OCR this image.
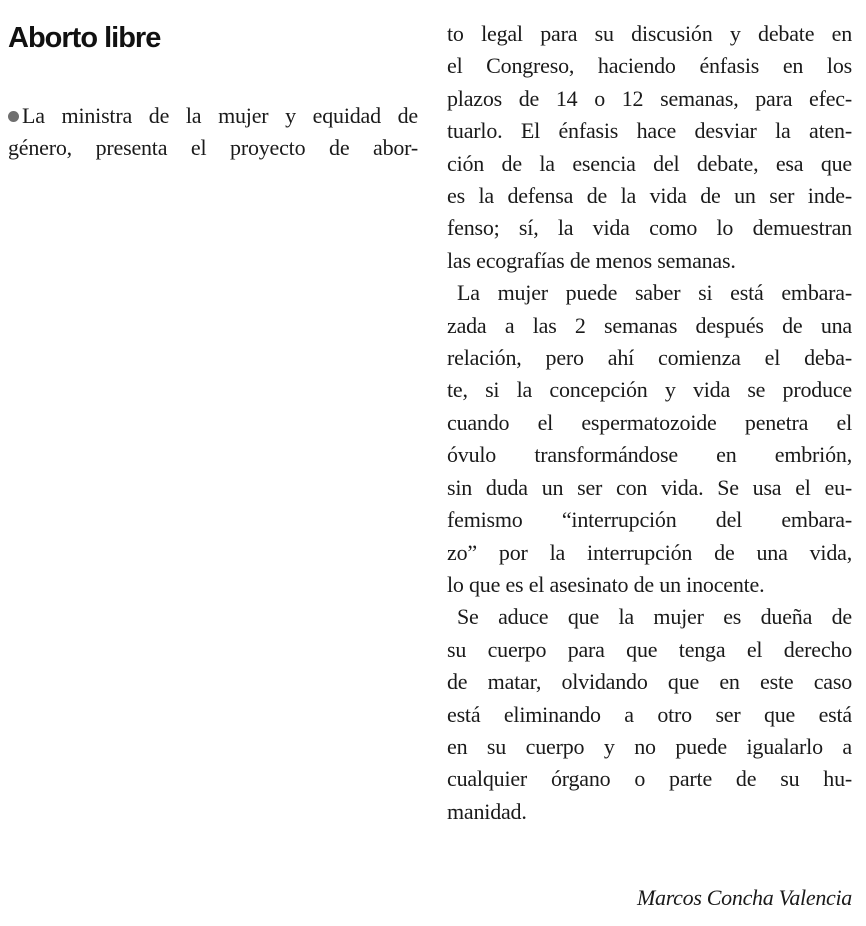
Aborto libre
La ministra de la mujer y equidad de
género, presenta el proyecto de abor-
to legal para su discusión y debate en
el Congreso, haciendo énfasis en los
plazos de 14 o 12 semanas, para efec-
tuarlo. El énfasis hace desviar la aten-
ción de la esencia del debate, esa que
es la defensa de la vida de un ser inde-
fenso; sí, la vida como lo demuestran
las ecografías de menos semanas.
La mujer puede saber si está embara-
zada a las 2 semanas después de una
relación, pero ahí comienza el deba-
te, si la concepción y vida se produce
cuando el espermatozoide penetra el
óvulo transformándose en embrión,
sin duda un ser con vida. Se usa el eu-
femismo “interrupción del embara-
zo” por la interrupción de una vida,
lo que es el asesinato de un inocente.
Se aduce que la mujer es dueña de
su cuerpo para que tenga el derecho
de matar, olvidando que en este caso
está eliminando a otro ser que está
en su cuerpo y no puede igualarlo a
cualquier órgano o parte de su hu-
manidad.
Marcos Concha Valencia
